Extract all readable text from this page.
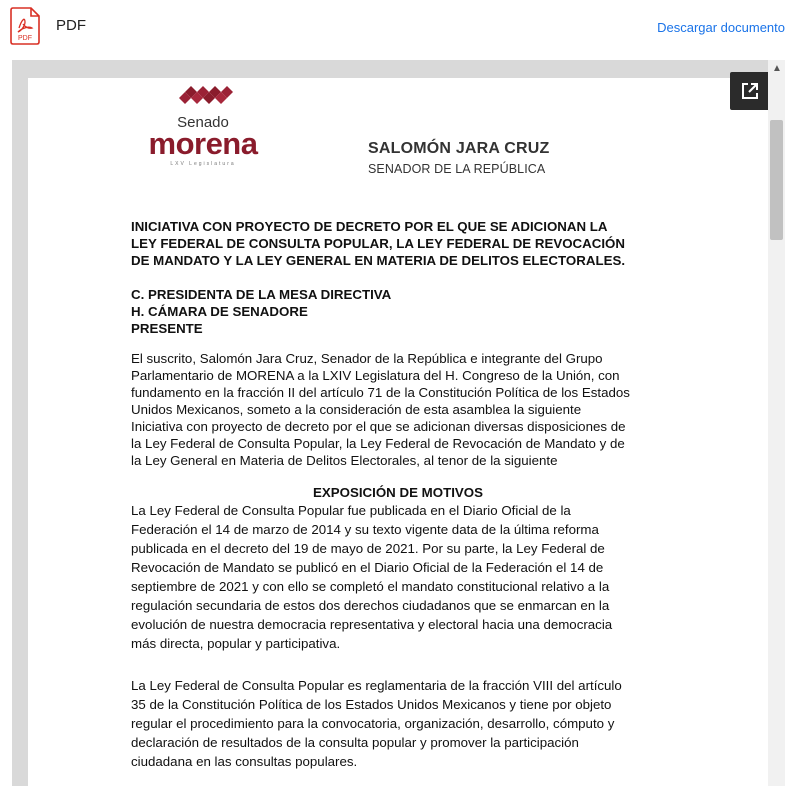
PDF
PDF	Descargar documento
Senado
morena
LXV Legislatura
SALOMÓN JARA CRUZ
SENADOR DE LA REPÚBLICA
INICIATIVA CON PROYECTO DE DECRETO POR EL QUE SE ADICIONAN LA
LEY FEDERAL DE CONSULTA POPULAR, LA LEY FEDERAL DE REVOCACIÓN
DE MANDATO Y LA LEY GENERAL EN MATERIA DE DELITOS ELECTORALES.
C. PRESIDENTA DE LA MESA DIRECTIVA
H. CÁMARA DE SENADORE
PRESENTE
El suscrito, Salomón Jara Cruz, Senador de la República e integrante del Grupo
Parlamentario de MORENA a la LXIV Legislatura del H. Congreso de la Unión, con
fundamento en la fracción II del artículo 71 de la Constitución Política de los Estados
Unidos Mexicanos, someto a la consideración de esta asamblea la siguiente
Iniciativa con proyecto de decreto por el que se adicionan diversas disposiciones de
la Ley Federal de Consulta Popular, la Ley Federal de Revocación de Mandato y de
la Ley General en Materia de Delitos Electorales, al tenor de la siguiente
EXPOSICIÓN DE MOTIVOS
La Ley Federal de Consulta Popular fue publicada en el Diario Oficial de la
Federación el 14 de marzo de 2014 y su texto vigente data de la última reforma
publicada en el decreto del 19 de mayo de 2021. Por su parte, la Ley Federal de
Revocación de Mandato se publicó en el Diario Oficial de la Federación el 14 de
septiembre de 2021 y con ello se completó el mandato constitucional relativo a la
regulación secundaria de estos dos derechos ciudadanos que se enmarcan en la
evolución de nuestra democracia representativa y electoral hacia una democracia
más directa, popular y participativa.
La Ley Federal de Consulta Popular es reglamentaria de la fracción VIII del artículo
35 de la Constitución Política de los Estados Unidos Mexicanos y tiene por objeto
regular el procedimiento para la convocatoria, organización, desarrollo, cómputo y
declaración de resultados de la consulta popular y promover la participación
ciudadana en las consultas populares.
▲
